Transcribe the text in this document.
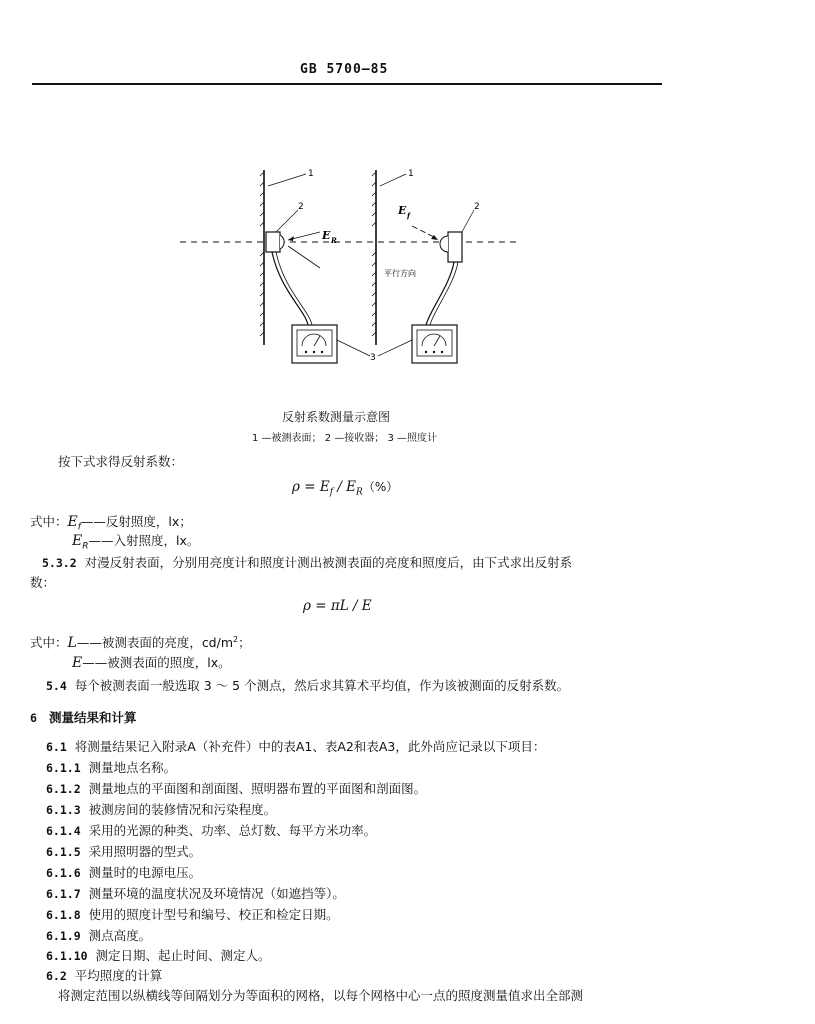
GB 5700—85
1	1
2	2
3
E R
E f
平行方向
反射系数测量示意图
1 —被测表面； 2 —接收器； 3 —照度计
按下式求得反射系数：
$\rho = E_f / E_R(\%)$
式中：$E_f——$反射照度，lx；
$E_R——$入射照度，lx。
5.3.2 对漫反射表面，分别用亮度计和照度计测出被测表面的亮度和照度后，由下式求出反射系
数：
ρ = πL / E
式中：L——被测表面的亮度，$cd/m^2$；
E——被测表面的照度，lx。
5.4 每个被测表面一般选取 3 ～ 5 个测点，然后求其算术平均值，作为该被测面的反射系数。
6 测量结果和计算
6.1 将测量结果记入附录A（补充件）中的表A1、表A2和表A3，此外尚应记录以下项目：
6.1.1 测量地点名称。
6.1.2 测量地点的平面图和剖面图、照明器布置的平面图和剖面图。
6.1.3 被测房间的装修情况和污染程度。
6.1.4 采用的光源的种类、功率、总灯数、每平方米功率。
6.1.5 采用照明器的型式。
6.1.6 测量时的电源电压。
6.1.7 测量环境的温度状况及环境情况（如遮挡等）。
6.1.8 使用的照度计型号和编号、校正和检定日期。
6.1.9 测点高度。
6.1.10 测定日期、起止时间、测定人。
6.2 平均照度的计算
将测定范围以纵横线等间隔划分为等面积的网格，以每个网格中心一点的照度测量值求出全部测
